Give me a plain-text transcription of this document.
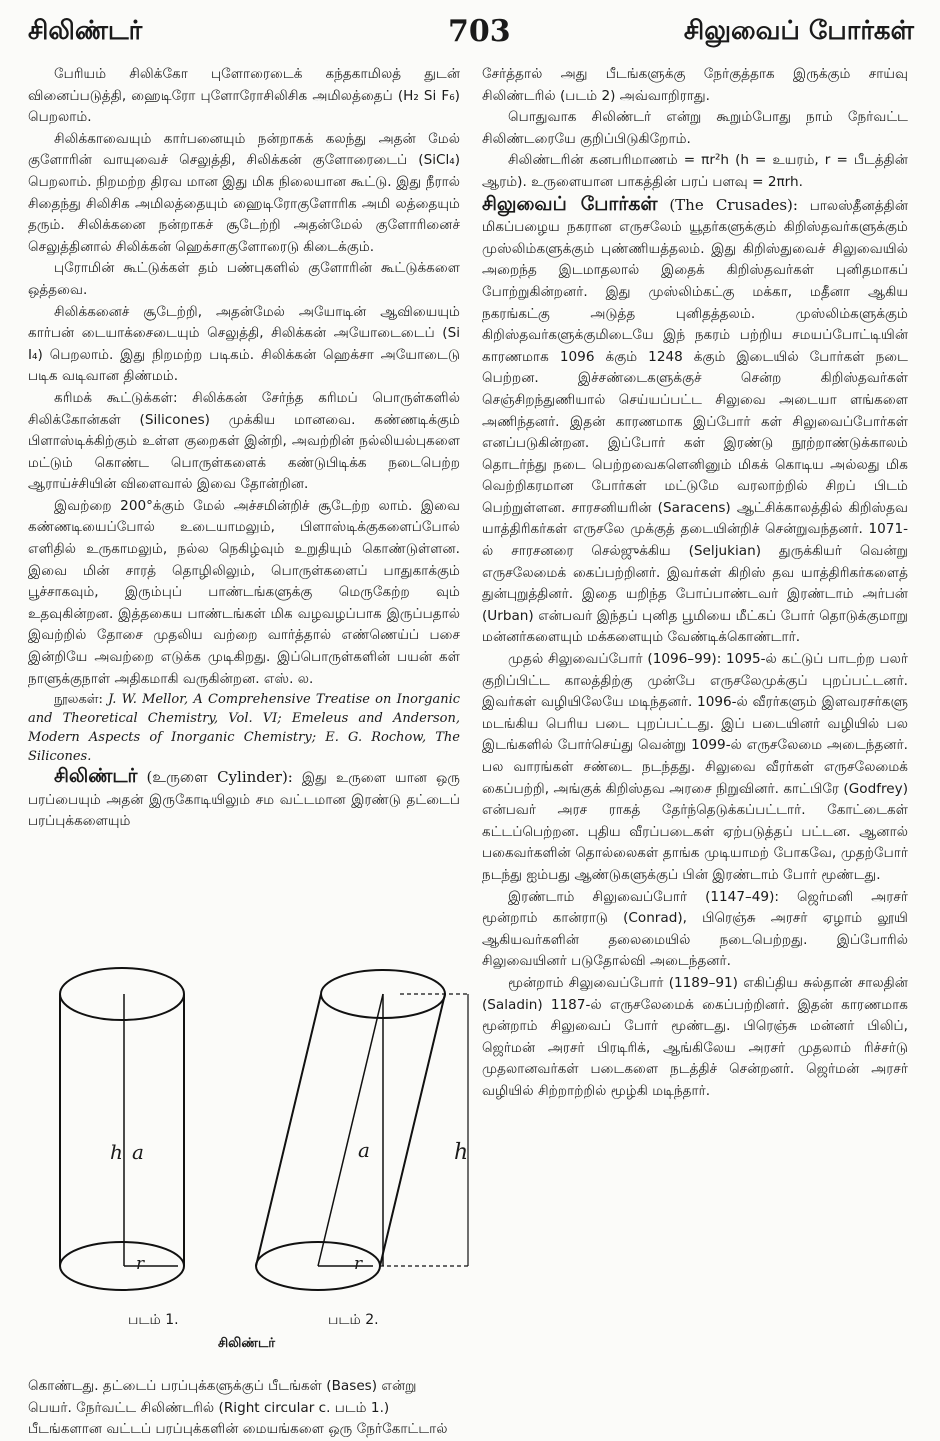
சிலிண்டர்	703	சிலுவைப் போர்கள்

பேரியம் சிலிக்கோ புளோரைடைக் கந்தகாமிலத் துடன் வினைப்படுத்தி, ஹைடிரோ புளோரோசிலிசிக அமிலத்தைப் (H₂ Si F₆) பெறலாம்.

சிலிக்காவையும் கார்பனையும் நன்றாகக் கலந்து அதன் மேல் குளோரின் வாயுவைச் செலுத்தி, சிலிக்கன் குளோரைடைப் (SiCl₄) பெறலாம். நிறமற்ற திரவ மான இது மிக நிலையான கூட்டு. இது நீரால் சிதைந்து சிலிசிக அமிலத்தையும் ஹைடிரோகுளோரிக அமி லத்தையும் தரும். சிலிக்கனை நன்றாகச் சூடேற்றி அதன்மேல் குளோரினைச் செலுத்தினால் சிலிக்கன் ஹெக்சாகுளோரைடு கிடைக்கும்.

புரோமின் கூட்டுக்கள் தம் பண்புகளில் குளோரின் கூட்டுக்களை ஒத்தவை.

சிலிக்கனைச் சூடேற்றி, அதன்மேல் அயோடின் ஆவியையும் கார்பன் டையாக்சைடையும் செலுத்தி, சிலிக்கன் அயோடைடைப் (Si I₄) பெறலாம். இது நிறமற்ற படிகம். சிலிக்கன் ஹெக்சா அயோடைடு படிக வடிவான திண்மம்.

கரிமக் கூட்டுக்கள்: சிலிக்கன் சேர்ந்த கரிமப் பொருள்களில் சிலிக்கோன்கள் (Silicones) முக்கிய மானவை. கண்ணடிக்கும் பிளாஸ்டிக்கிற்கும் உள்ள குறைகள் இன்றி, அவற்றின் நல்லியல்புகளை மட்டும் கொண்ட பொருள்களைக் கண்டுபிடிக்க நடைபெற்ற ஆராய்ச்சியின் விளைவால் இவை தோன்றின.

இவற்றை 200°க்கும் மேல் அச்சமின்றிச் சூடேற்ற லாம். இவை கண்ணடியைப்போல் உடையாமலும், பிளாஸ்டிக்குகளைப்போல் எளிதில் உருகாமலும், நல்ல நெகிழ்வும் உறுதியும் கொண்டுள்ளன. இவை மின் சாரத் தொழிலிலும், பொருள்களைப் பாதுகாக்கும் பூச்சாகவும், இரும்புப் பாண்டங்களுக்கு மெருகேற்ற வும் உதவுகின்றன. இத்தகைய பாண்டங்கள் மிக வழவழப்பாக இருப்பதால் இவற்றில் தோசை முதலிய வற்றை வார்த்தால் எண்ணெய்ப் பசை இன்றியே அவற்றை எடுக்க முடிகிறது. இப்பொருள்களின் பயன் கள் நாளுக்குநாள் அதிகமாகி வருகின்றன. எஸ். ல.

நூலகள்: J. W. Mellor, A Comprehensive Treatise on Inorganic and Theoretical Chemistry, Vol. VI; Emeleus and Anderson, Modern Aspects of Inorganic Chemistry; E. G. Rochow, The Silicones.

சிலிண்டர் (உருளை Cylinder): இது உருளை யான ஒரு பரப்பையும் அதன் இருகோடியிலும் சம வட்டமான இரண்டு தட்டைப் பரப்புக்களையும்

h a
r
a
r
h
படம் 1.	படம் 2.
சிலிண்டர்

சேர்த்தால் அது பீடங்களுக்கு நேர்குத்தாக இருக்கும் சாய்வு சிலிண்டரில் (படம் 2) அவ்வாறிராது.

பொதுவாக சிலிண்டர் என்று கூறும்போது நாம் நேர்வட்ட சிலிண்டரையே குறிப்பிடுகிறோம்.

சிலிண்டரின் கனபரிமாணம் = πr²h (h = உயரம், r = பீடத்தின் ஆரம்). உருளையான பாகத்தின் பரப் பளவு = 2πrh.

சிலுவைப் போர்கள் (The Crusades): பாலஸ்தீனத்தின் மிகப்பழைய நகரான எருசலேம் யூதர்களுக்கும் கிறிஸ்தவர்களுக்கும் முஸ்லிம்களுக்கும் புண்ணியத்தலம். இது கிறிஸ்துவைச் சிலுவையில் அறைந்த இடமாதலால் இதைக் கிறிஸ்தவர்கள் புனிதமாகப் போற்றுகின்றனர். இது முஸ்லிம்கட்கு மக்கா, மதீனா ஆகிய நகரங்கட்கு அடுத்த புனிதத்தலம். முஸ்லிம்களுக்கும் கிறிஸ்தவர்களுக்குமிடையே இந் நகரம் பற்றிய சமயப்போட்டியின் காரணமாக 1096 க்கும் 1248 க்கும் இடையில் போர்கள் நடை பெற்றன. இச்சண்டைகளுக்குச் சென்ற கிறிஸ்தவர்கள் செஞ்சிறந்துணியால் செய்யப்பட்ட சிலுவை அடையா ளங்களை அணிந்தனர். இதன் காரணமாக இப்போர் கள் சிலுவைப்போர்கள் எனப்படுகின்றன. இப்போர் கள் இரண்டு நூற்றாண்டுக்காலம் தொடர்ந்து நடை பெற்றவைகளெனினும் மிகக் கொடிய அல்லது மிக வெற்றிகரமான போர்கள் மட்டுமே வரலாற்றில் சிறப் பிடம் பெற்றுள்ளன. சாரசனியரின் (Saracens) ஆட்சிக்காலத்தில் கிறிஸ்தவ யாத்திரிகர்கள் எருசலே முக்குத் தடையின்றிச் சென்றுவந்தனர். 1071-ல் சாரசனரை செல்ஜுக்கிய (Seljukian) துருக்கியர் வென்று எருசலேமைக் கைப்பற்றினர். இவர்கள் கிறிஸ் தவ யாத்திரிகர்களைத் துன்புறுத்தினர். இதை யறிந்த போப்பாண்டவர் இரண்டாம் அர்பன் (Urban) என்பவர் இந்தப் புனித பூமியை மீட்கப் போர் தொடுக்குமாறு மன்னர்களையும் மக்களையும் வேண்டிக்கொண்டார்.

முதல் சிலுவைப்போர் (1096–99): 1095-ல் கட்டுப் பாடற்ற பலர் குறிப்பிட்ட காலத்திற்கு முன்பே எருசலேமுக்குப் புறப்பட்டனர். இவர்கள் வழியிலேயே மடிந்தனர். 1096-ல் வீரர்களும் இளவரசர்களு மடங்கிய பெரிய படை புறப்பட்டது. இப் படையினர் வழியில் பல இடங்களில் போர்செய்து வென்று 1099-ல் எருசலேமை அடைந்தனர். பல வாரங்கள் சண்டை நடந்தது. சிலுவை வீரர்கள் எருசலேமைக் கைப்பற்றி, அங்குக் கிறிஸ்தவ அரசை நிறுவினர். காட்பிரே (Godfrey) என்பவர் அரச ராகத் தேர்ந்தெடுக்கப்பட்டார். கோட்டைகள் கட்டப்பெற்றன. புதிய வீரப்படைகள் ஏற்படுத்தப் பட்டன. ஆனால் பகைவர்களின் தொல்லைகள் தாங்க முடியாமற் போகவே, முதற்போர் நடந்து ஐம்பது ஆண்டுகளுக்குப் பின் இரண்டாம் போர் மூண்டது.

இரண்டாம் சிலுவைப்போர் (1147–49): ஜெர்மனி அரசர் மூன்றாம் கான்ராடு (Conrad), பிரெஞ்சு அரசர் ஏழாம் லூயி ஆகியவர்களின் தலைமையில் நடைபெற்றது. இப்போரில் சிலுவையினர் படுதோல்வி அடைந்தனர்.

மூன்றாம் சிலுவைப்போர் (1189–91) எகிப்திய சுல்தான் சாலதின் (Saladin) 1187-ல் எருசலேமைக் கைப்பற்றினர். இதன் காரணமாக மூன்றாம் சிலுவைப் போர் மூண்டது. பிரெஞ்சு மன்னர் பிலிப், ஜெர்மன் அரசர் பிரடிரிக், ஆங்கிலேய அரசர் முதலாம் ரிச்சர்டு முதலானவர்கள் படைகளை நடத்திச் சென்றனர். ஜெர்மன் அரசர் வழியில் சிற்றாற்றில் மூழ்கி மடிந்தார்.

கொண்டது. தட்டைப் பரப்புக்களுக்குப் பீடங்கள் (Bases) என்று பெயர். நேர்வட்ட சிலிண்டரில் (Right circular c. படம் 1.) பீடங்களான வட்டப் பரப்புக்களின் மையங்களை ஒரு நேர்கோட்டால்
